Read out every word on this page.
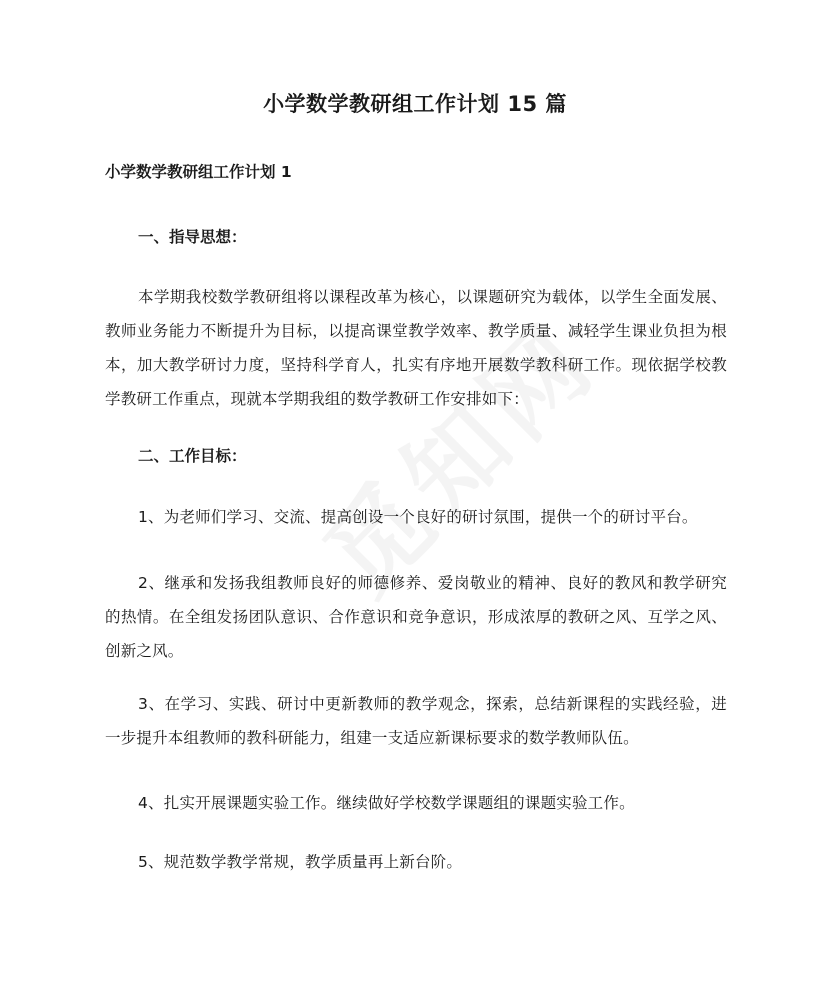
小学数学教研组工作计划 15 篇
小学数学教研组工作计划 1
一、指导思想：
本学期我校数学教研组将以课程改革为核心，以课题研究为载体，以学生全面发展、教师业务能力不断提升为目标，以提高课堂教学效率、教学质量、减轻学生课业负担为根本，加大教学研讨力度，坚持科学育人，扎实有序地开展数学教科研工作。现依据学校教学教研工作重点，现就本学期我组的数学教研工作安排如下：
二、工作目标：
1、为老师们学习、交流、提高创设一个良好的研讨氛围，提供一个的研讨平台。
2、继承和发扬我组教师良好的师德修养、爱岗敬业的精神、良好的教风和教学研究的热情。在全组发扬团队意识、合作意识和竞争意识，形成浓厚的教研之风、互学之风、创新之风。
3、在学习、实践、研讨中更新教师的教学观念，探索，总结新课程的实践经验，进一步提升本组教师的教科研能力，组建一支适应新课标要求的数学教师队伍。
4、扎实开展课题实验工作。继续做好学校数学课题组的课题实验工作。
5、规范数学教学常规，教学质量再上新台阶。
